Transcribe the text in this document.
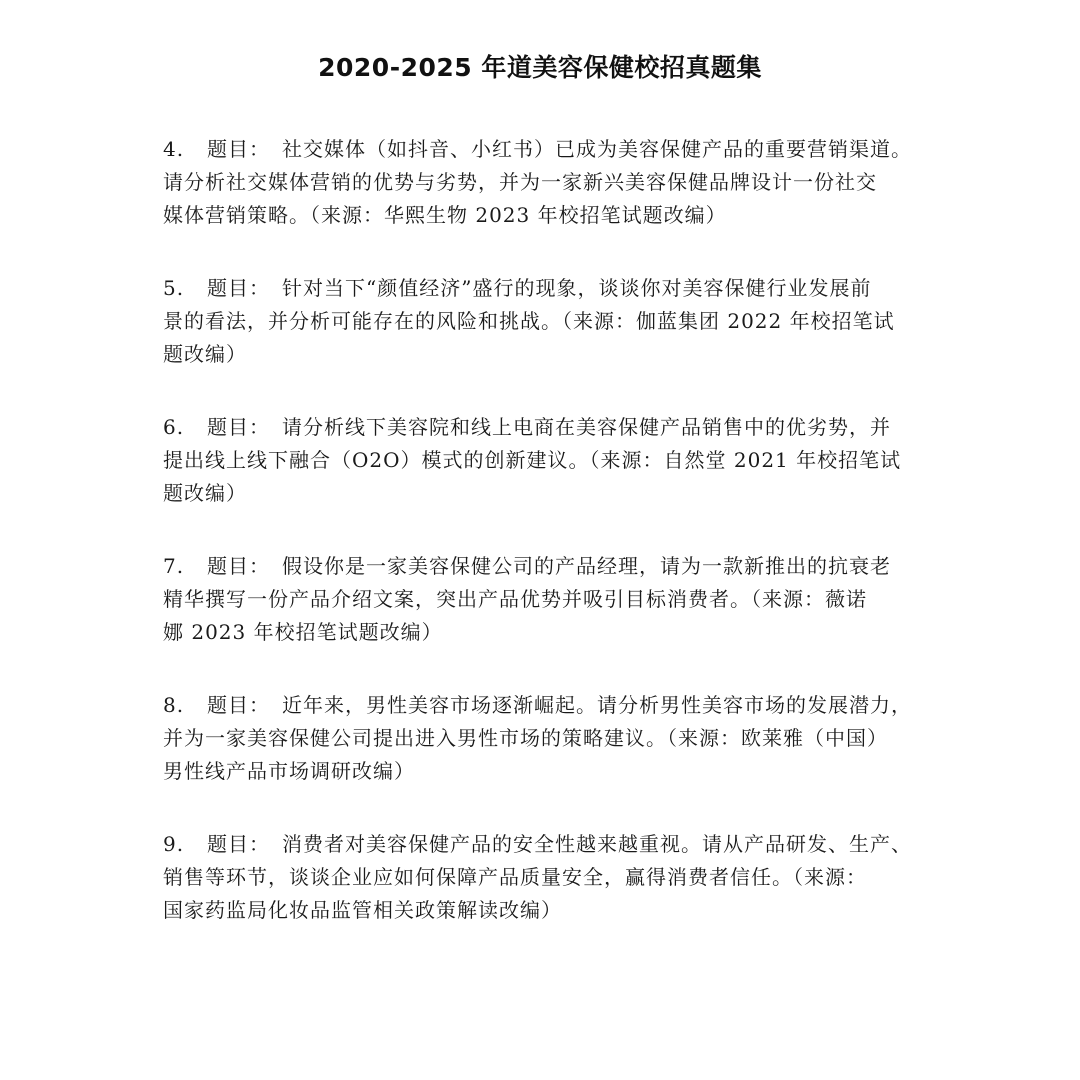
2020-2025 年道美容保健校招真题集
4. 题目： 社交媒体（如抖音、小红书）已成为美容保健产品的重要营销渠道。
请分析社交媒体营销的优势与劣势，并为一家新兴美容保健品牌设计一份社交
媒体营销策略。（来源：华熙生物 2023 年校招笔试题改编）
5. 题目： 针对当下“颜值经济”盛行的现象，谈谈你对美容保健行业发展前
景的看法，并分析可能存在的风险和挑战。（来源：伽蓝集团 2022 年校招笔试
题改编）
6. 题目： 请分析线下美容院和线上电商在美容保健产品销售中的优劣势，并
提出线上线下融合（O2O）模式的创新建议。（来源：自然堂 2021 年校招笔试
题改编）
7. 题目： 假设你是一家美容保健公司的产品经理，请为一款新推出的抗衰老
精华撰写一份产品介绍文案，突出产品优势并吸引目标消费者。（来源：薇诺
娜 2023 年校招笔试题改编）
8. 题目： 近年来，男性美容市场逐渐崛起。请分析男性美容市场的发展潜力，
并为一家美容保健公司提出进入男性市场的策略建议。（来源：欧莱雅（中国）
男性线产品市场调研改编）
9. 题目： 消费者对美容保健产品的安全性越来越重视。请从产品研发、生产、
销售等环节，谈谈企业应如何保障产品质量安全，赢得消费者信任。（来源：
国家药监局化妆品监管相关政策解读改编）
